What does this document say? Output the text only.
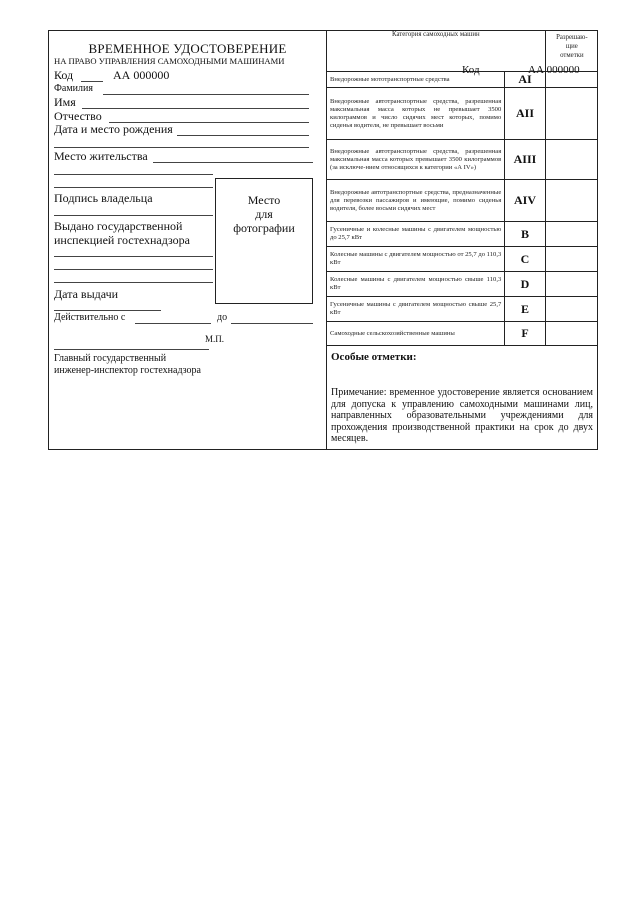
ВРЕМЕННОЕ УДОСТОВЕРЕНИЕ
НА ПРАВО УПРАВЛЕНИЯ САМОХОДНЫМИ МАШИНАМИ
Код	АА 000000
Фамилия
Имя
Отчество
Дата и место рождения
Место жительства
Подпись владельца
Выдано государственной
инспекцией гостехнадзора
Дата выдачи
Действительно с	до
М.П.
Главный государственный
инженер-инспектор гостехнадзора
Место
для
фотографии
Категория самоходных машин		Разрешаю-
щие
отметки

Внедорожные мототранспортные средства	AI	
Внедорожные автотранспортные средства, разрешенная максимальная масса которых не превышает 3500 килограммов и число сидячих мест которых, помимо сиденья водителя, не превышает восьми	AII	
Внедорожные автотранспортные средства, разрешенная максимальная масса которых превышает 3500 килограммов (за исключе-нием относящихся к категории «А IV»)	AIII	
Внедорожные автотранспортные средства, предназначенные для перевозки пассажиров и имеющие, помимо сиденья водителя, более восьми сидячих мест	AIV	
Гусеничные и колесные машины с двигателем мощностью до 25,7 кВт	B	
Колесные машины с двигателем мощностью от 25,7 до 110,3 кВт	C	
Колесные машины с двигателем мощностью свыше 110,3 кВт	D	
Гусеничные машины с двигателем мощностью свыше 25,7 кВт	E	
Самоходные сельскохозяйственные машины	F	
Код	АА 000000
Особые отметки:
Примечание: временное удостоверение является основанием для допуска к управлению самоходными машинами лиц, направленных образовательными учреждениями для прохождения производственной практики на срок до двух месяцев.
